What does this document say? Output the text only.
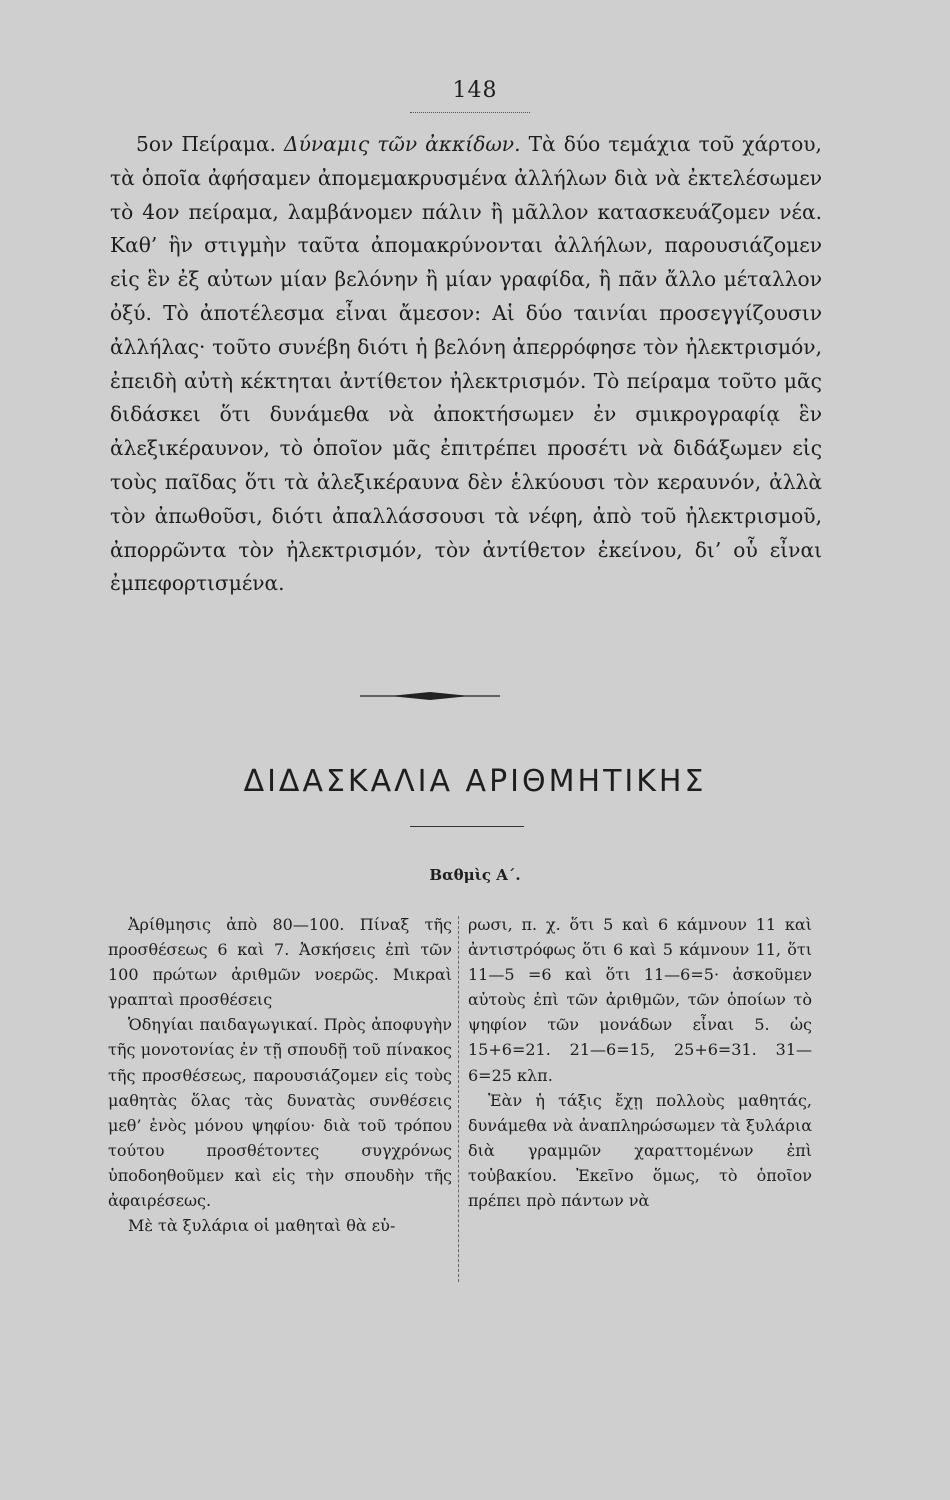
148

5ον Πείραμα. Δύναμις τῶν ἀκκίδων. Τὰ δύο τεμάχια τοῦ χάρτου, τὰ ὁποῖα ἀφήσαμεν ἀπομεμακρυσμένα ἀλλήλων διὰ νὰ ἐκτελέσωμεν τὸ 4ον πείραμα, λαμβάνομεν πάλιν ἢ μᾶλλον κατασκευάζομεν νέα. Καθ’ ἣν στιγμὴν ταῦτα ἀπομακρύνονται ἀλλήλων, παρουσιάζομεν εἰς ἓν ἐξ αὐτων μίαν βελόνην ἢ μίαν γραφίδα, ἢ πᾶν ἄλλο μέταλλον ὀξύ. Τὸ ἀποτέλεσμα εἶναι ἄμεσον: Αἱ δύο ταινίαι προσεγγίζουσιν ἀλλήλας· τοῦτο συνέβη διότι ἡ βελόνη ἀπερρόφησε τὸν ἠλεκτρισμόν, ἐπειδὴ αὐτὴ κέκτηται ἀντίθετον ἠλεκτρισμόν. Τὸ πείραμα τοῦτο μᾶς διδάσκει ὅτι δυνάμεθα νὰ ἀποκτήσωμεν ἐν σμικρογραφίᾳ ἓν ἀλεξικέραυνον, τὸ ὁποῖον μᾶς ἐπιτρέπει προσέτι νὰ διδάξωμεν εἰς τοὺς παῖδας ὅτι τὰ ἀλεξικέραυνα δὲν ἑλκύουσι τὸν κεραυνόν, ἀλλὰ τὸν ἀπωθοῦσι, διότι ἀπαλλάσσουσι τὰ νέφη, ἀπὸ τοῦ ἠλεκτρισμοῦ, ἀπορρῶντα τὸν ἠλεκτρισμόν, τὸν ἀντίθετον ἐκείνου, δι’ οὗ εἶναι ἐμπεφορτισμένα.

ΔΙΔΑΣΚΑΛΙΑ ΑΡΙΘΜΗΤΙΚΗΣ
Βαθμὶς Α΄.

Ἀρίθμησις ἀπὸ 80—100. Πίναξ τῆς προσθέσεως 6 καὶ 7. Ἀσκήσεις ἐπὶ τῶν 100 πρώτων ἀριθμῶν νοερῶς. Μικραὶ γραπταὶ προσθέσεις

Ὁδηγίαι παιδαγωγικαί. Πρὸς ἀποφυγὴν τῆς μονοτονίας ἐν τῇ σπουδῇ τοῦ πίνακος τῆς προσθέσεως, παρουσιάζομεν εἰς τοὺς μαθητὰς ὅλας τὰς δυνατὰς συνθέσεις μεθ’ ἑνὸς μόνου ψηφίου· διὰ τοῦ τρόπου τούτου προσθέτοντες συγχρόνως ὑποδοηθοῦμεν καὶ εἰς τὴν σπουδὴν τῆς ἀφαιρέσεως.

Μὲ τὰ ξυλάρια οἱ μαθηταὶ θὰ εὑ-

ρωσι, π. χ. ὅτι 5 καὶ 6 κάμνουν 11 καὶ ἀντιστρόφως ὅτι 6 καὶ 5 κάμνουν 11, ὅτι 11—5 =6 καὶ ὅτι 11—6=5· ἀσκοῦμεν αὐτοὺς ἐπὶ τῶν ἀριθμῶν, τῶν ὁποίων τὸ ψηφίον τῶν μονάδων εἶναι 5. ὡς 15+6=21. 21—6=15, 25+6=31. 31—6=25 κλπ.

Ἐὰν ἡ τάξις ἔχῃ πολλοὺς μαθητάς, δυνάμεθα νὰ ἀναπληρώσωμεν τὰ ξυλάρια διὰ γραμμῶν χαραττομένων ἐπὶ τοὐβακίου. Ἐκεῖνο ὅμως, τὸ ὁποῖον πρέπει πρὸ πάντων νὰ
